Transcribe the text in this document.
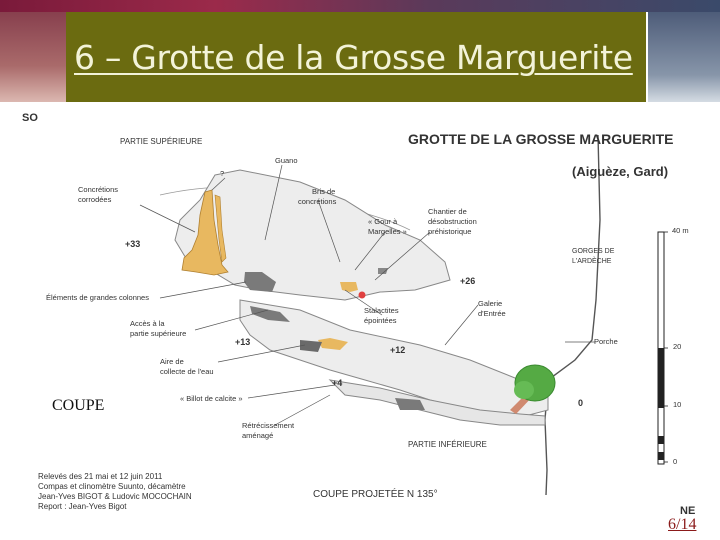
6 – Grotte de la Grosse Marguerite
SO
NE
GROTTE DE LA GROSSE MARGUERITE
(Aiguèze, Gard)
PARTIE SUPÉRIEURE
PARTIE INFÉRIEURE
COUPE PROJETÉE N 135°
GORGES DE
L'ARDÈCHE
Guano
?
Concrétions
corrodées
Bris de
concrétions
« Gour à
Margelles »
Chantier de
désobstruction
préhistorique
Éléments de grandes colonnes
Accès à la
partie supérieure
Stalactites
épointées
Galerie
d'Entrée
Porche
Aire de
collecte de l'eau
« Billot de calcite »
Rétrécissement
aménagé
+33
+26
+13
+12
+4
0
40 m
20
10
0
Relevés des 21 mai et 12 juin 2011
Compas et clinomètre Suunto, décamètre
Jean-Yves BIGOT & Ludovic MOCOCHAIN
Report : Jean-Yves Bigot
COUPE
6/14
